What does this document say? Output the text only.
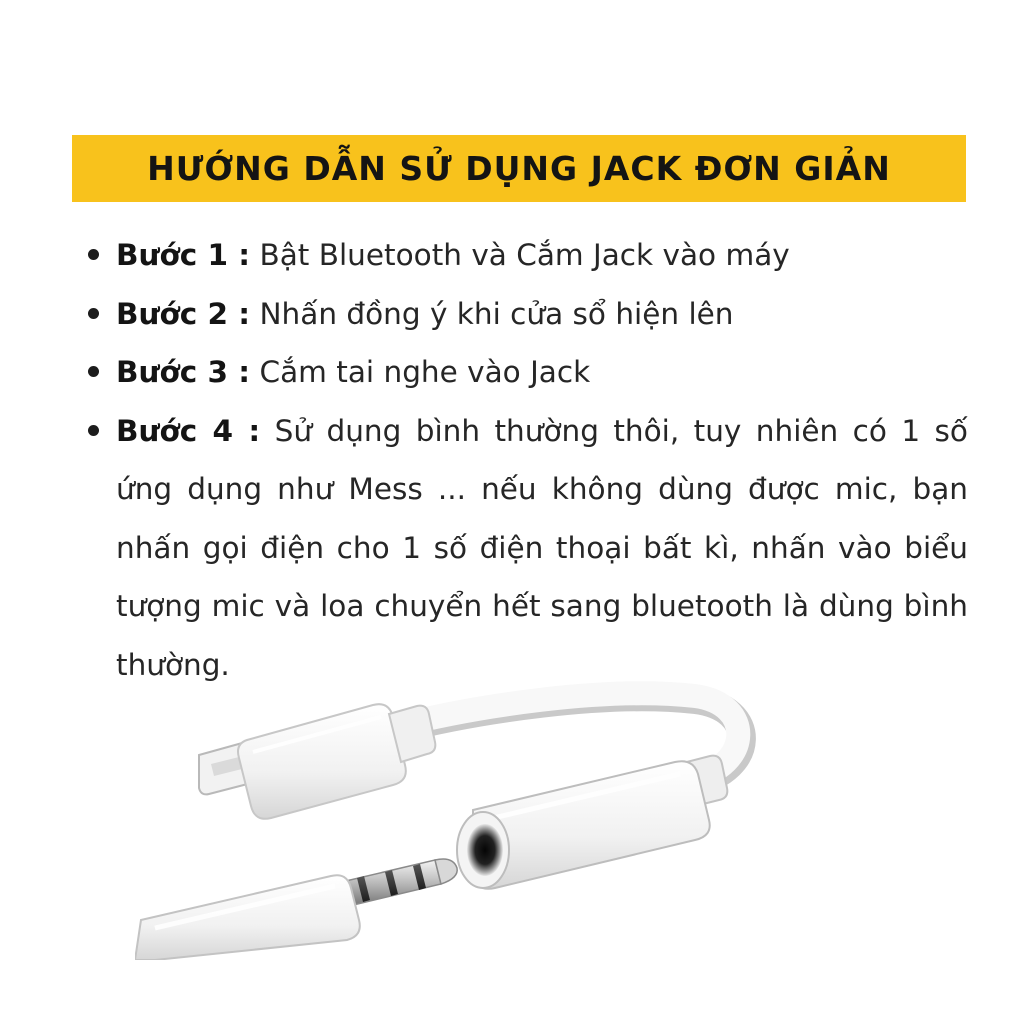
HƯỚNG DẪN SỬ DỤNG JACK ĐƠN GIẢN
Bước 1 : Bật Bluetooth và Cắm Jack vào máy
Bước 2 : Nhấn đồng ý khi cửa sổ hiện lên
Bước 3 : Cắm tai nghe vào Jack
Bước 4 : Sử dụng bình thường thôi, tuy nhiên có 1 số ứng dụng như Mess ... nếu không dùng được mic, bạn nhấn gọi điện cho 1 số điện thoại bất kì, nhấn vào biểu tượng mic và loa chuyển hết sang bluetooth là dùng bình thường.
